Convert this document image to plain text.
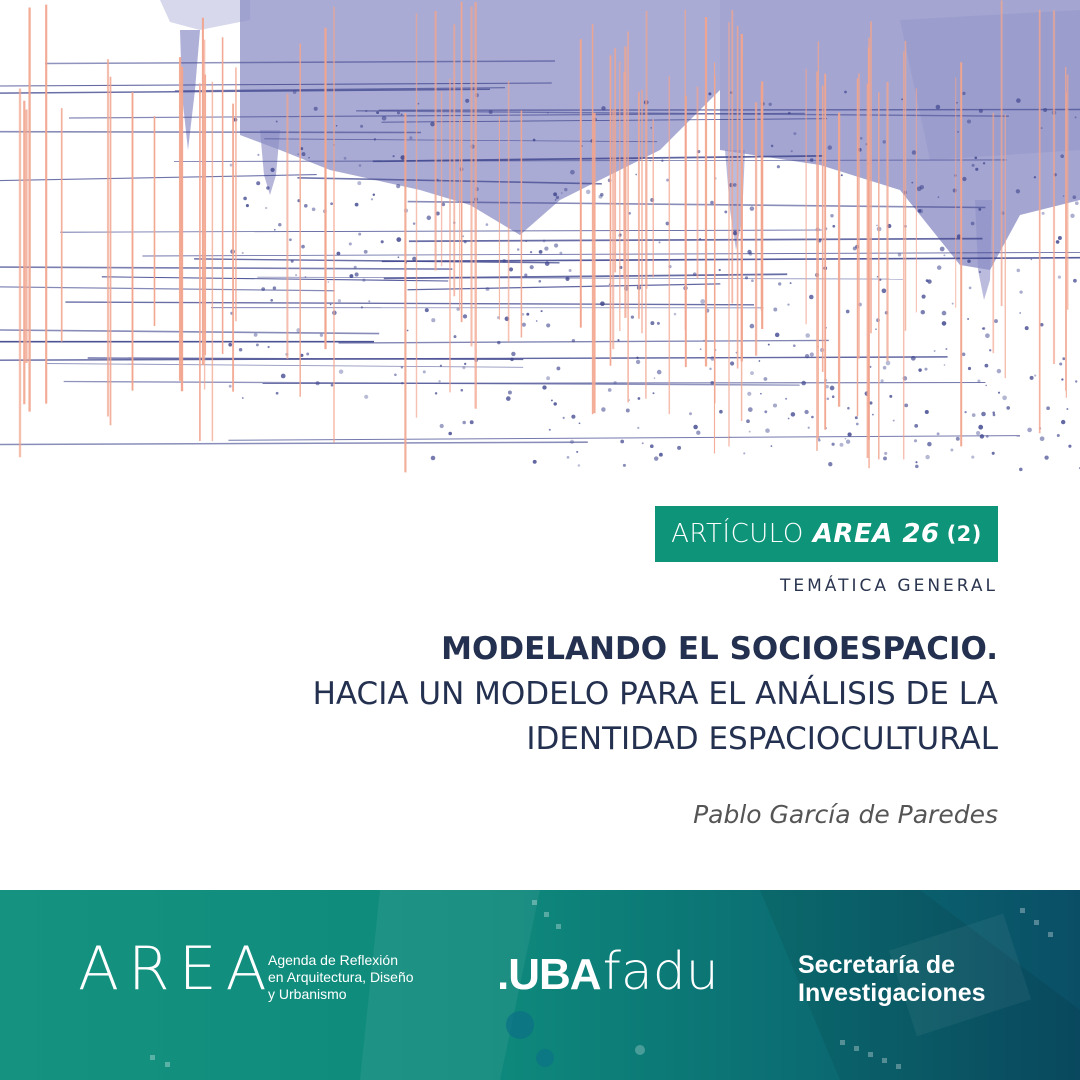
ARTÍCULO AREA 26 (2)
TEMÁTICA GENERAL
MODELANDO EL SOCIOESPACIO.
HACIA UN MODELO PARA EL ANÁLISIS DE LA
IDENTIDAD ESPACIOCULTURAL
Pablo García de Paredes
AREA
Agenda de Reflexión
en Arquitectura, Diseño
y Urbanismo	.UBAfadu	Secretaría de
Investigaciones
